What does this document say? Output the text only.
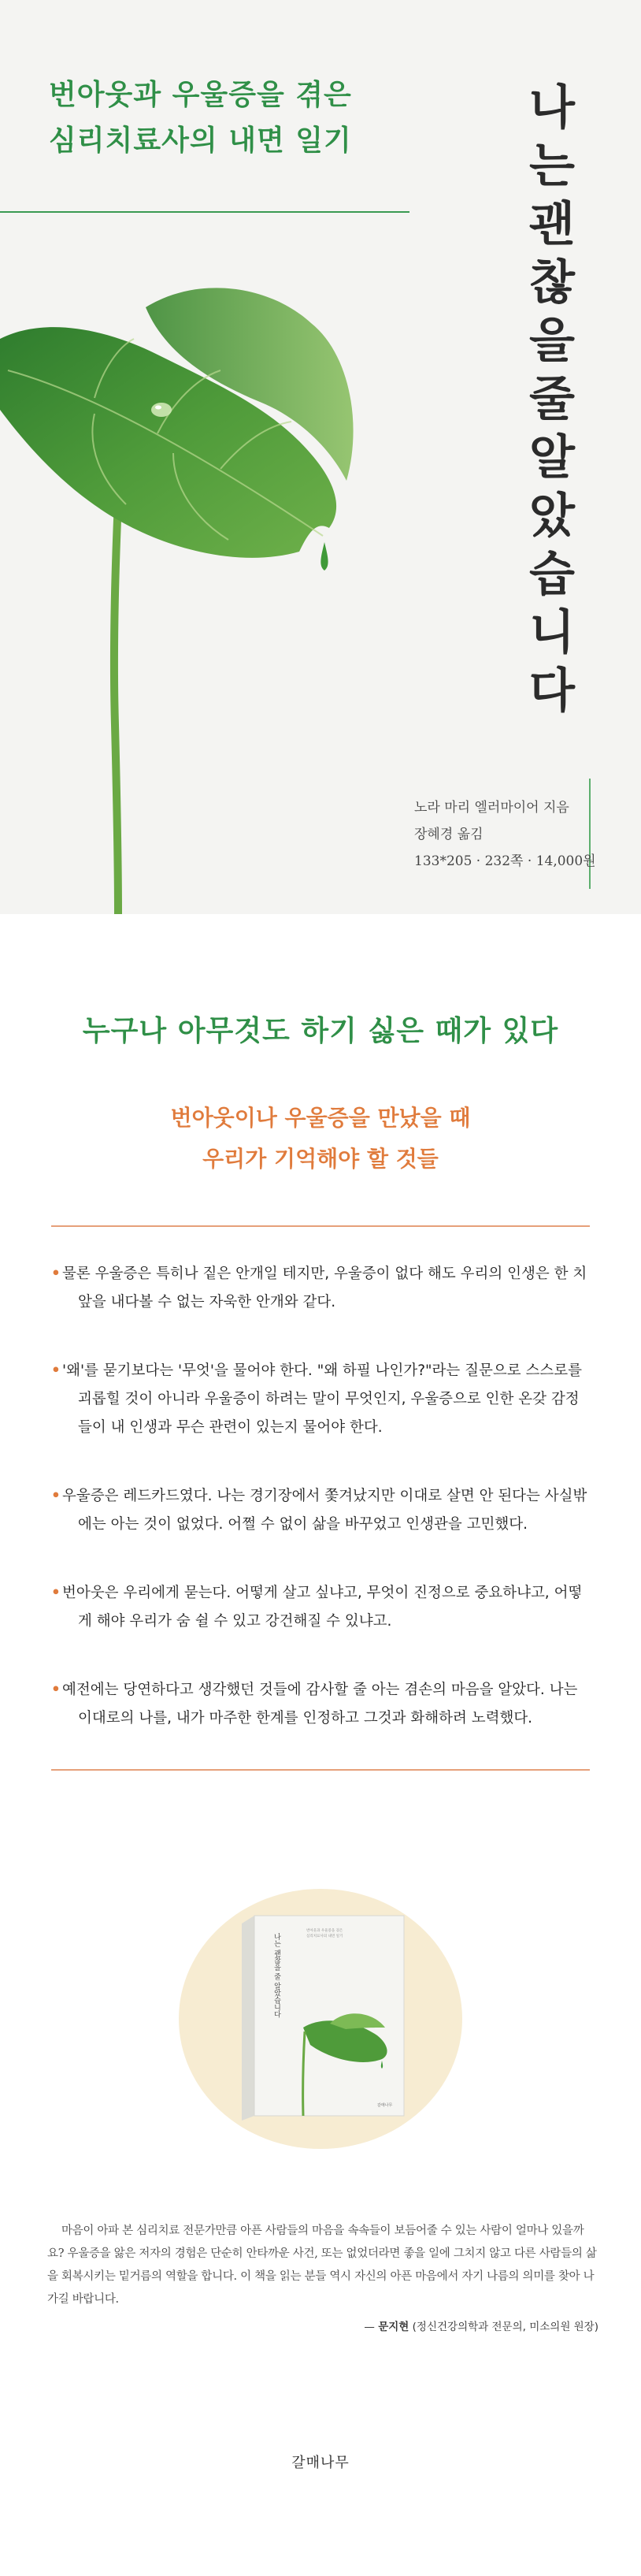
번아웃과 우울증을 겪은
심리치료사의 내면 일기
나
는
괜
찮
을
줄
알
았
습
니
다
노라 마리 엘러마이어 지음
장혜경 옮김
133*205 · 232쪽 · 14,000원
누구나 아무것도 하기 싫은 때가 있다
번아웃이나 우울증을 만났을 때
우리가 기억해야 할 것들
• 물론 우울증은 특히나 짙은 안개일 테지만, 우울증이 없다 해도 우리의 인생은 한 치 앞을 내다볼 수 없는 자욱한 안개와 같다.
• '왜'를 묻기보다는 '무엇'을 물어야 한다. "왜 하필 나인가?"라는 질문으로 스스로를 괴롭힐 것이 아니라 우울증이 하려는 말이 무엇인지, 우울증으로 인한 온갖 감정들이 내 인생과 무슨 관련이 있는지 물어야 한다.
• 우울증은 레드카드였다. 나는 경기장에서 쫓겨났지만 이대로 살면 안 된다는 사실밖에는 아는 것이 없었다. 어쩔 수 없이 삶을 바꾸었고 인생관을 고민했다.
• 번아웃은 우리에게 묻는다. 어떻게 살고 싶냐고, 무엇이 진정으로 중요하냐고, 어떻게 해야 우리가 숨 쉴 수 있고 강건해질 수 있냐고.
• 예전에는 당연하다고 생각했던 것들에 감사할 줄 아는 겸손의 마음을 알았다. 나는 이대로의 나를, 내가 마주한 한계를 인정하고 그것과 화해하려 노력했다.
나는 괜찮을 줄 알았습니다
번아웃과 우울증을 겪은
심리치료사의 내면 일기
갈매나무

마음이 아파 본 심리치료 전문가만큼 아픈 사람들의 마음을 속속들이 보듬어줄 수 있는 사람이 얼마나 있을까요? 우울증을 앓은 저자의 경험은 단순히 안타까운 사건, 또는 없었더라면 좋을 일에 그치지 않고 다른 사람들의 삶을 회복시키는 밑거름의 역할을 합니다. 이 책을 읽는 분들 역시 자신의 아픈 마음에서 자기 나름의 의미를 찾아 나가길 바랍니다.

— 문지현 (정신건강의학과 전문의, 미소의원 원장)

갈매나무
